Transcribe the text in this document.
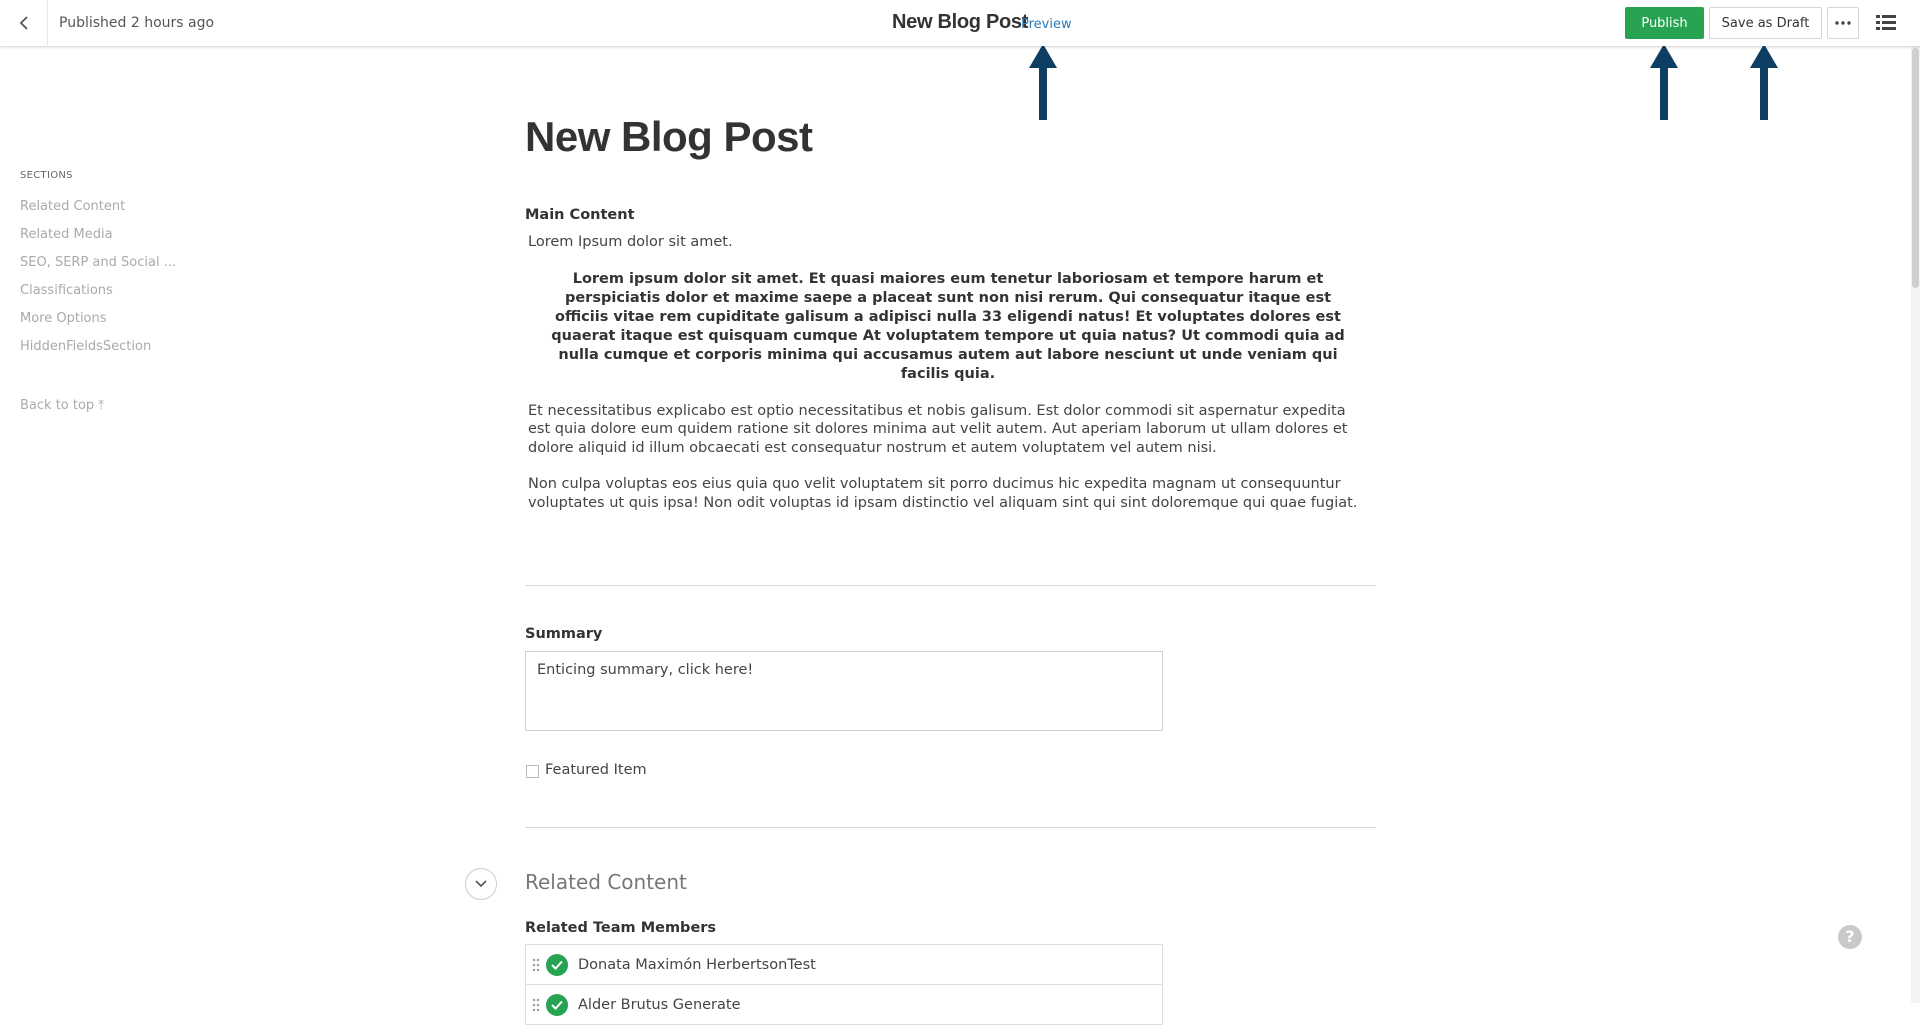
Published 2 hours ago	New Blog Post
Preview	Publish	Save as Draft
SECTIONS
Related Content
Related Media
SEO, SERP and Social ...
Classifications
More Options
HiddenFieldsSection
Back to top ⤒
New Blog Post
Main Content

Lorem Ipsum dolor sit amet.

Lorem ipsum dolor sit amet. Et quasi maiores eum tenetur laboriosam et tempore harum et perspiciatis dolor et maxime saepe a placeat sunt non nisi rerum. Qui consequatur itaque est officiis vitae rem cupiditate galisum a adipisci nulla 33 eligendi natus! Et voluptates dolores est quaerat itaque est quisquam cumque At voluptatem tempore ut quia natus? Ut commodi quia ad nulla cumque et corporis minima qui accusamus autem aut labore nesciunt ut unde veniam qui facilis quia.

Et necessitatibus explicabo est optio necessitatibus et nobis galisum. Est dolor commodi sit aspernatur expedita est quia dolore eum quidem ratione sit dolores minima aut velit autem. Aut aperiam laborum ut ullam dolores et dolore aliquid id illum obcaecati est consequatur nostrum et autem voluptatem vel autem nisi.

Non culpa voluptas eos eius quia quo velit voluptatem sit porro ducimus hic expedita magnam ut consequuntur voluptates ut quis ipsa! Non odit voluptas id ipsam distinctio vel aliquam sint qui sint doloremque qui quae fugiat.

Summary
Enticing summary, click here!
Featured Item
Related Content
Related Team Members
Donata Maximón HerbertsonTest
Alder Brutus Generate
?
